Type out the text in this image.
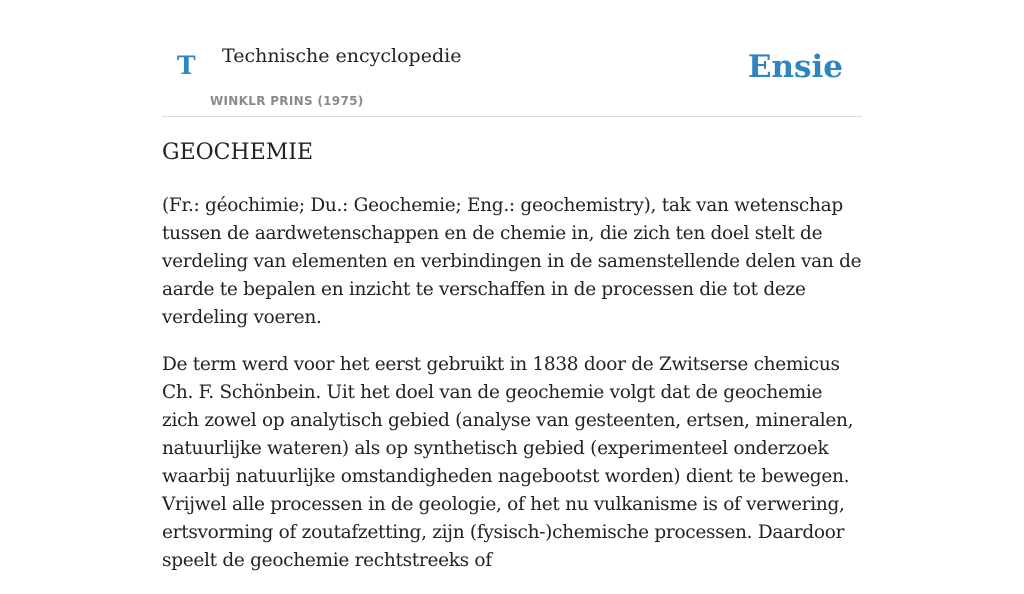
T Technische encyclopedie
WINKLR PRINS (1975)
Ensie
GEOCHEMIE

(Fr.: géochimie; Du.: Geochemie; Eng.: geochemistry), tak van wetenschap tussen de aardwetenschappen en de chemie in, die zich ten doel stelt de verdeling van elementen en verbindingen in de samenstellende delen van de aarde te bepalen en inzicht te verschaffen in de processen die tot deze verdeling voeren.

De term werd voor het eerst gebruikt in 1838 door de Zwitserse chemicus Ch. F. Schönbein. Uit het doel van de geochemie volgt dat de geochemie zich zowel op analytisch gebied (analyse van gesteenten, ertsen, mineralen, natuurlijke wateren) als op synthetisch gebied (experimenteel onderzoek waarbij natuurlijke omstandigheden nagebootst worden) dient te bewegen. Vrijwel alle processen in de geologie, of het nu vulkanisme is of verwering, ertsvorming of zoutafzetting, zijn (fysisch-)chemische processen. Daardoor speelt de geochemie rechtstreeks of
